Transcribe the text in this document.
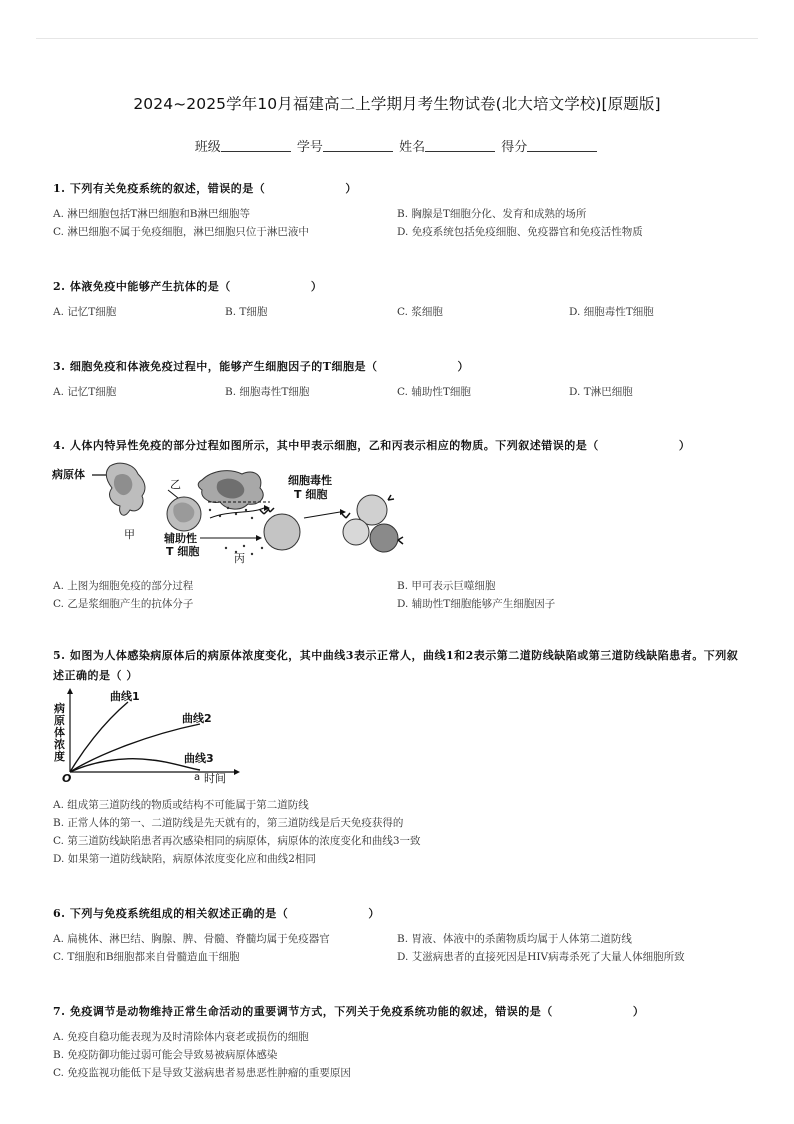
2024~2025学年10月福建高二上学期月考生物试卷(北大培文学校)[原题版]
班级	学号	姓名	得分
1. 下列有关免疫系统的叙述，错误的是（	）
A. 淋巴细胞包括T淋巴细胞和B淋巴细胞等	B. 胸腺是T细胞分化、发育和成熟的场所
C. 淋巴细胞不属于免疫细胞，淋巴细胞只位于淋巴液中	D. 免疫系统包括免疫细胞、免疫器官和免疫活性物质
2. 体液免疫中能够产生抗体的是（	）
A. 记忆T细胞	B. T细胞	C. 浆细胞	D. 细胞毒性T细胞
3. 细胞免疫和体液免疫过程中，能够产生细胞因子的T细胞是（	）
A. 记忆T细胞	B. 细胞毒性T细胞	C. 辅助性T细胞	D. T淋巴细胞
4. 人体内特异性免疫的部分过程如图所示，其中甲表示细胞，乙和丙表示相应的物质。下列叙述错误的是（	）
病原体
甲
乙	细胞毒性
T 细胞
辅助性
T 细胞
丙
A. 上图为细胞免疫的部分过程	B. 甲可表示巨噬细胞
C. 乙是浆细胞产生的抗体分子	D. 辅助性T细胞能够产生细胞因子
5. 如图为人体感染病原体后的病原体浓度变化，其中曲线3表示正常人，曲线1和2表示第二道防线缺陷或第三道防线缺陷患者。下列叙述正确的是（ ）
病
原
体
浓
度
O	a 时间
曲线1
曲线2
曲线3
A. 组成第三道防线的物质或结构不可能属于第二道防线
B. 正常人体的第一、二道防线是先天就有的，第三道防线是后天免疫获得的
C. 第三道防线缺陷患者再次感染相同的病原体，病原体的浓度变化和曲线3一致
D. 如果第一道防线缺陷，病原体浓度变化应和曲线2相同
6. 下列与免疫系统组成的相关叙述正确的是（	）
A. 扁桃体、淋巴结、胸腺、脾、骨髓、脊髓均属于免疫器官	B. 胃液、体液中的杀菌物质均属于人体第二道防线
C. T细胞和B细胞都来自骨髓造血干细胞	D. 艾滋病患者的直接死因是HIV病毒杀死了大量人体细胞所致
7. 免疫调节是动物维持正常生命活动的重要调节方式，下列关于免疫系统功能的叙述，错误的是（	）
A. 免疫自稳功能表现为及时清除体内衰老或损伤的细胞
B. 免疫防御功能过弱可能会导致易被病原体感染
C. 免疫监视功能低下是导致艾滋病患者易患恶性肿瘤的重要原因
